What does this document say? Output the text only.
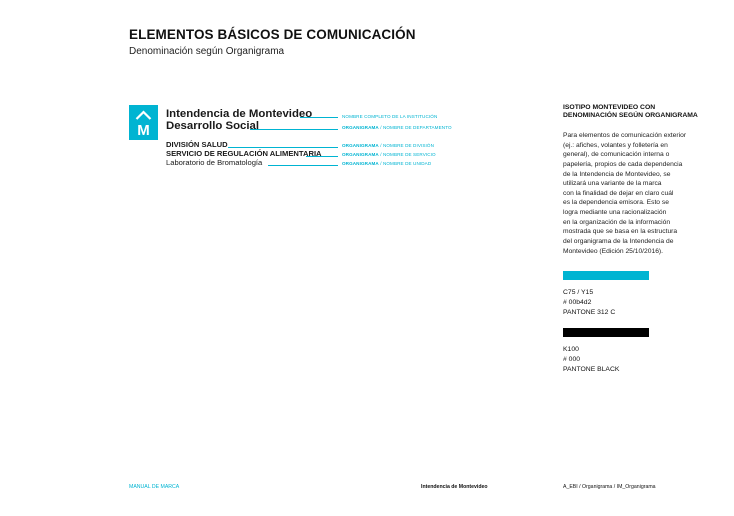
ELEMENTOS BÁSICOS DE COMUNICACIÓN
Denominación según Organigrama
M
Intendencia de Montevideo	NOMBRE COMPLETO DE LA INSTITUCIÓN
Desarrollo Social	ORGANIGRAMA / NOMBRE DE DEPARTAMENTO
DIVISIÓN SALUD	ORGANIGRAMA / NOMBRE DE DIVISIÓN
SERVICIO DE REGULACIÓN ALIMENTARIA	ORGANIGRAMA / NOMBRE DE SERVICIO
Laboratorio de Bromatología	ORGANIGRAMA / NOMBRE DE UNIDAD
ISOTIPO MONTEVIDEO CON
DENOMINACIÓN SEGÚN ORGANIGRAMA
Para elementos de comunicación exterior
(ej.: afiches, volantes y folletería en
general), de comunicación interna o
papelería, propios de cada dependencia
de la Intendencia de Montevideo, se
utilizará una variante de la marca
con la finalidad de dejar en claro cuál
es la dependencia emisora. Esto se
logra mediante una racionalización
en la organización de la información
mostrada que se basa en la estructura
del organigrama de la Intendencia de
Montevideo (Edición 25/10/2016).
C75 / Y15
# 00b4d2
PANTONE 312 C
K100
# 000
PANTONE BLACK
MANUAL DE MARCA	Intendencia de Montevideo	A_EBI / Organigrama / IM_Organigrama
